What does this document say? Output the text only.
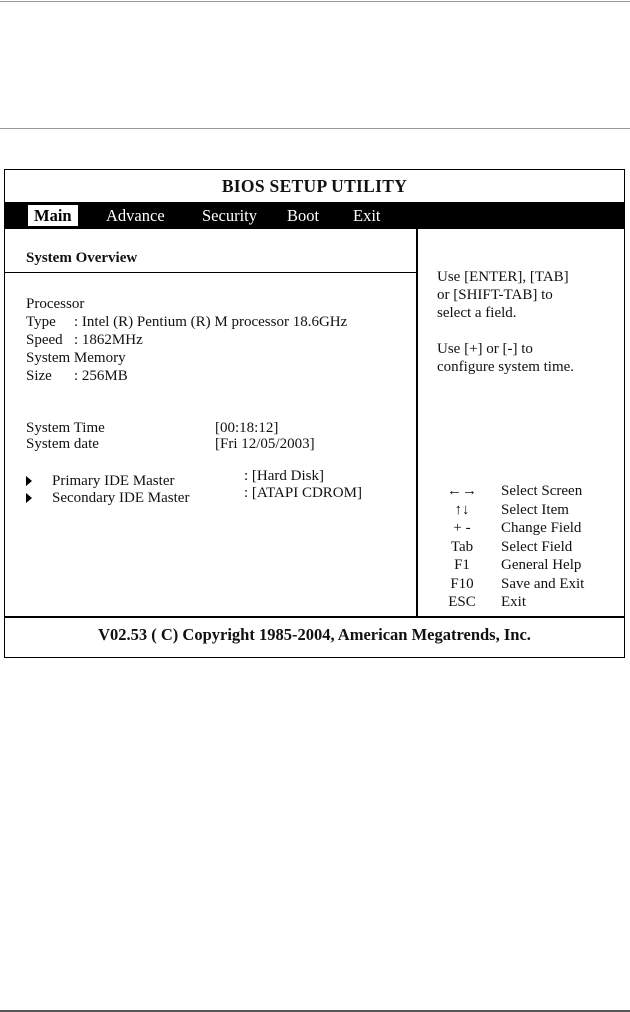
BIOS SETUP UTILITY
Main	Advance Security Boot Exit
System Overview
Processor
Type : Intel (R) Pentium (R) M processor 18.6GHz
Speed : 1862MHz
System Memory
Size : 256MB
System Time	[00:18:12]
System date	[Fri 12/05/2003]
Primary IDE Master	: [Hard Disk]
Secondary IDE Master	: [ATAPI CDROM]
Use [ENTER], [TAB]
or [SHIFT-TAB] to
select a field.
Use [+] or [-] to
configure system time.
←→	Select Screen
↑↓	Select Item
+ -	Change Field
Tab	Select Field
F1	General Help
F10	Save and Exit
ESC	Exit
V02.53 ( C) Copyright 1985-2004, American Megatrends, Inc.
